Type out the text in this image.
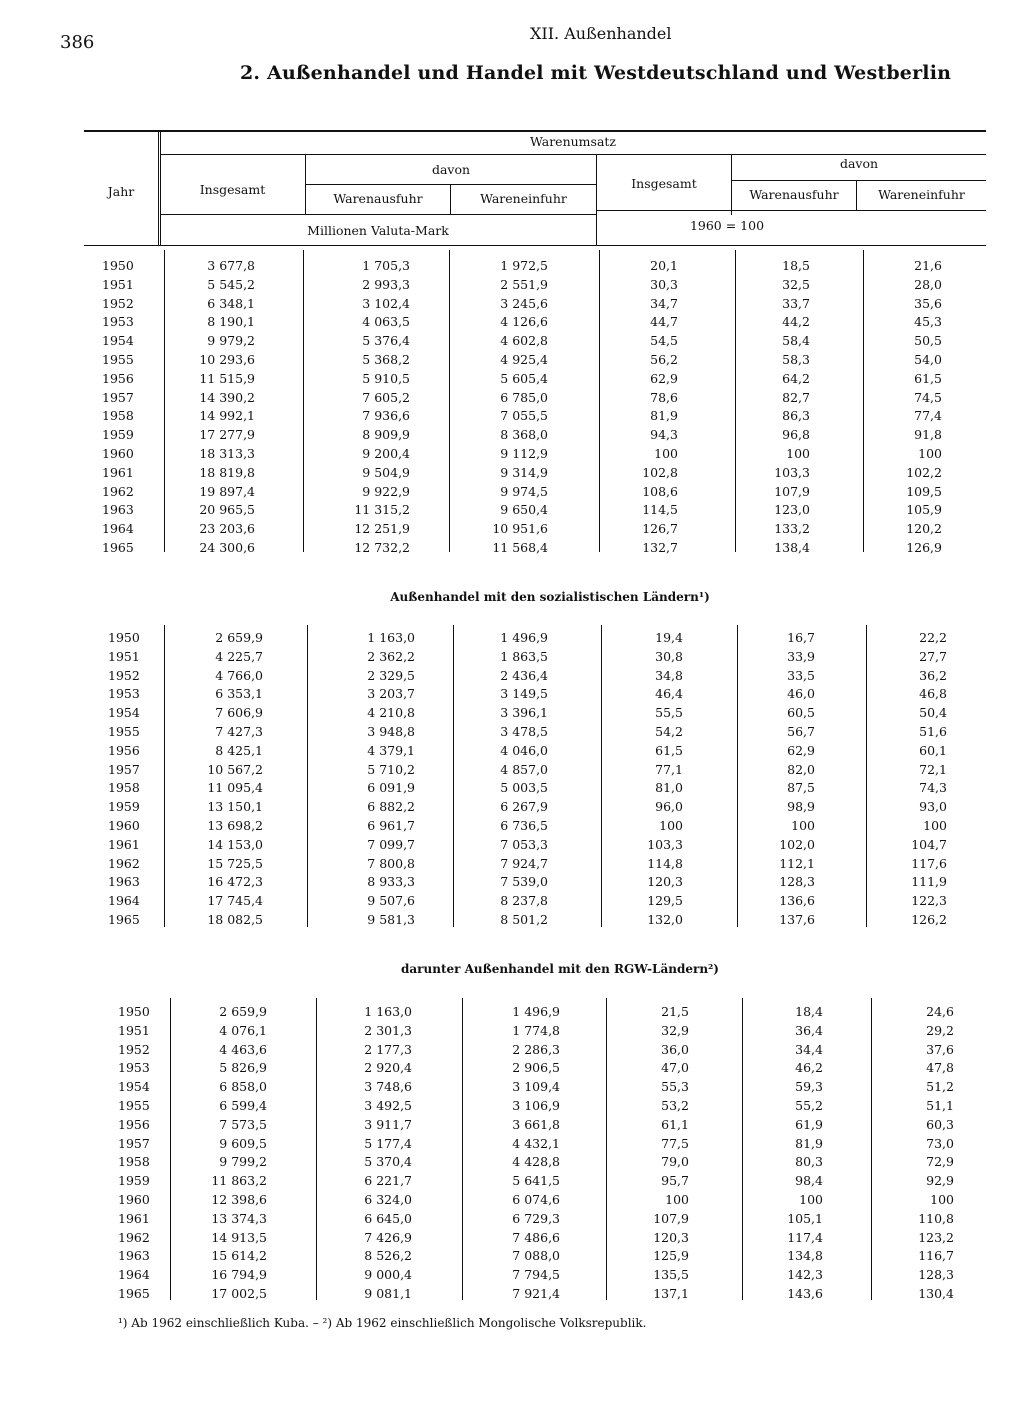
386	XII. Außenhandel
2. Außenhandel und Handel mit Westdeutschland und Westberlin
Warenumsatz
Jahr	Insgesamt
davon
Warenausfuhr	Wareneinfuhr
Insgesamt
davon
Warenausfuhr	Wareneinfuhr
Millionen Valuta-Mark	1960 = 100
Außenhandel mit den sozialistischen Ländern¹)
darunter Außenhandel mit den RGW-Ländern²)
1950	3 677,8	1 705,3	1 972,5	20,1	18,5	21,6
1951	5 545,2	2 993,3	2 551,9	30,3	32,5	28,0
1952	6 348,1	3 102,4	3 245,6	34,7	33,7	35,6
1953	8 190,1	4 063,5	4 126,6	44,7	44,2	45,3
1954	9 979,2	5 376,4	4 602,8	54,5	58,4	50,5
1955	10 293,6	5 368,2	4 925,4	56,2	58,3	54,0
1956	11 515,9	5 910,5	5 605,4	62,9	64,2	61,5
1957	14 390,2	7 605,2	6 785,0	78,6	82,7	74,5
1958	14 992,1	7 936,6	7 055,5	81,9	86,3	77,4
1959	17 277,9	8 909,9	8 368,0	94,3	96,8	91,8
1960	18 313,3	9 200,4	9 112,9	100	100	100
1961	18 819,8	9 504,9	9 314,9	102,8	103,3	102,2
1962	19 897,4	9 922,9	9 974,5	108,6	107,9	109,5
1963	20 965,5	11 315,2	9 650,4	114,5	123,0	105,9
1964	23 203,6	12 251,9	10 951,6	126,7	133,2	120,2
1965	24 300,6	12 732,2	11 568,4	132,7	138,4	126,9
1950	2 659,9	1 163,0	1 496,9	19,4	16,7	22,2
1951	4 225,7	2 362,2	1 863,5	30,8	33,9	27,7
1952	4 766,0	2 329,5	2 436,4	34,8	33,5	36,2
1953	6 353,1	3 203,7	3 149,5	46,4	46,0	46,8
1954	7 606,9	4 210,8	3 396,1	55,5	60,5	50,4
1955	7 427,3	3 948,8	3 478,5	54,2	56,7	51,6
1956	8 425,1	4 379,1	4 046,0	61,5	62,9	60,1
1957	10 567,2	5 710,2	4 857,0	77,1	82,0	72,1
1958	11 095,4	6 091,9	5 003,5	81,0	87,5	74,3
1959	13 150,1	6 882,2	6 267,9	96,0	98,9	93,0
1960	13 698,2	6 961,7	6 736,5	100	100	100
1961	14 153,0	7 099,7	7 053,3	103,3	102,0	104,7
1962	15 725,5	7 800,8	7 924,7	114,8	112,1	117,6
1963	16 472,3	8 933,3	7 539,0	120,3	128,3	111,9
1964	17 745,4	9 507,6	8 237,8	129,5	136,6	122,3
1965	18 082,5	9 581,3	8 501,2	132,0	137,6	126,2
1950	2 659,9	1 163,0	1 496,9	21,5	18,4	24,6
1951	4 076,1	2 301,3	1 774,8	32,9	36,4	29,2
1952	4 463,6	2 177,3	2 286,3	36,0	34,4	37,6
1953	5 826,9	2 920,4	2 906,5	47,0	46,2	47,8
1954	6 858,0	3 748,6	3 109,4	55,3	59,3	51,2
1955	6 599,4	3 492,5	3 106,9	53,2	55,2	51,1
1956	7 573,5	3 911,7	3 661,8	61,1	61,9	60,3
1957	9 609,5	5 177,4	4 432,1	77,5	81,9	73,0
1958	9 799,2	5 370,4	4 428,8	79,0	80,3	72,9
1959	11 863,2	6 221,7	5 641,5	95,7	98,4	92,9
1960	12 398,6	6 324,0	6 074,6	100	100	100
1961	13 374,3	6 645,0	6 729,3	107,9	105,1	110,8
1962	14 913,5	7 426,9	7 486,6	120,3	117,4	123,2
1963	15 614,2	8 526,2	7 088,0	125,9	134,8	116,7
1964	16 794,9	9 000,4	7 794,5	135,5	142,3	128,3
1965	17 002,5	9 081,1	7 921,4	137,1	143,6	130,4
¹) Ab 1962 einschließlich Kuba. – ²) Ab 1962 einschließlich Mongolische Volksrepublik.
